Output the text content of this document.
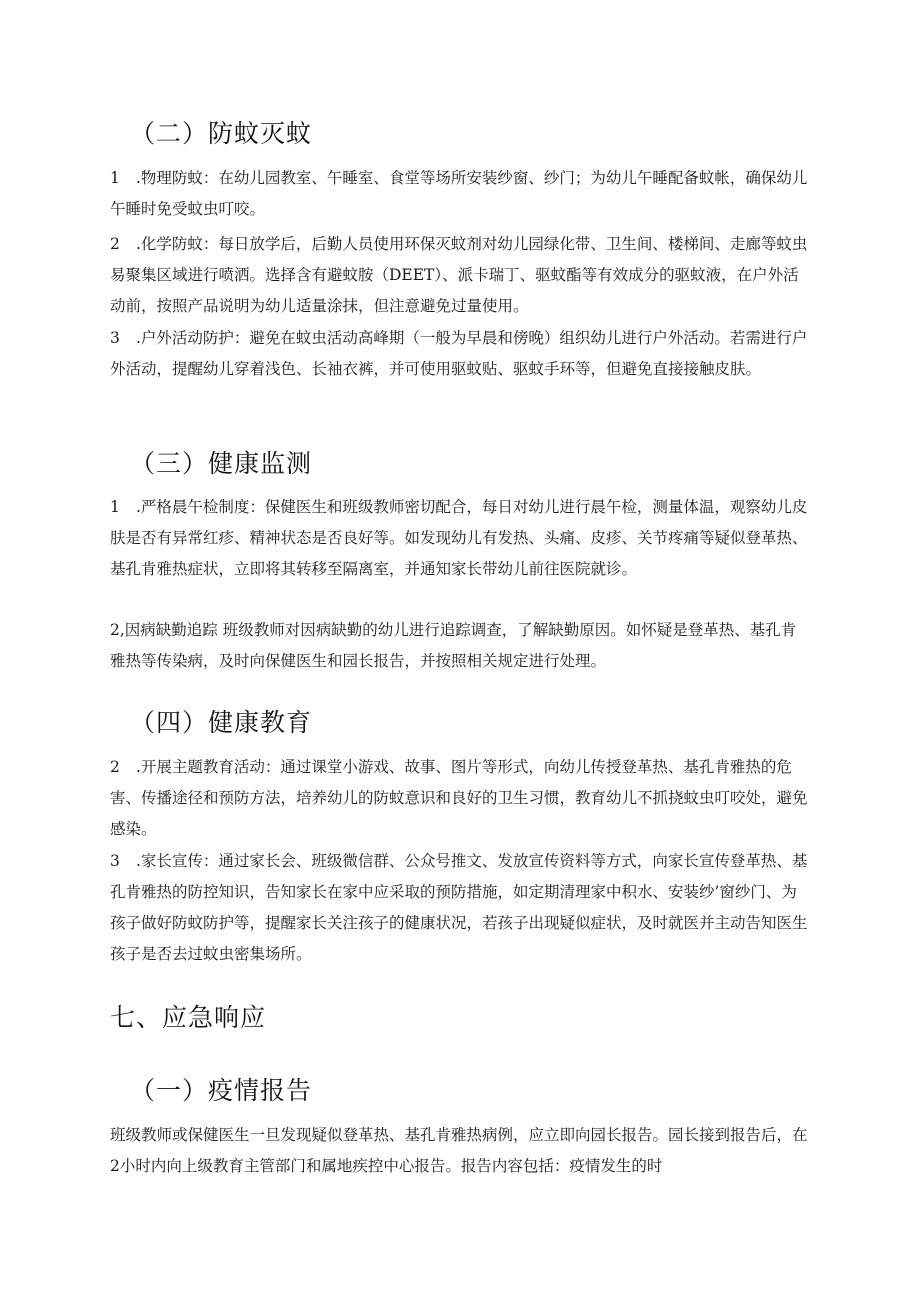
（二）防蚊灭蚊

1 .物理防蚊：在幼儿园教室、午睡室、食堂等场所安装纱窗、纱门；为幼儿午睡配备蚊帐，确保幼儿午睡时免受蚊虫叮咬。

2 .化学防蚊：每日放学后，后勤人员使用环保灭蚊剂对幼儿园绿化带、卫生间、楼梯间、走廊等蚊虫易聚集区域进行喷洒。选择含有避蚊胺（DEET）、派卡瑞丁、驱蚊酯等有效成分的驱蚊液，在户外活动前，按照产品说明为幼儿适量涂抹，但注意避免过量使用。

3 .户外活动防护：避免在蚊虫活动高峰期（一般为早晨和傍晚）组织幼儿进行户外活动。若需进行户外活动，提醒幼儿穿着浅色、长袖衣裤，并可使用驱蚊贴、驱蚊手环等，但避免直接接触皮肤。

（三）健康监测

1 .严格晨午检制度：保健医生和班级教师密切配合，每日对幼儿进行晨午检，测量体温，观察幼儿皮肤是否有异常红疹、精神状态是否良好等。如发现幼儿有发热、头痛、皮疹、关节疼痛等疑似登革热、基孔肯雅热症状，立即将其转移至隔离室，并通知家长带幼儿前往医院就诊。

2,因病缺勤追踪 班级教师对因病缺勤的幼儿进行追踪调查，了解缺勤原因。如怀疑是登革热、基孔肯雅热等传染病，及时向保健医生和园长报告，并按照相关规定进行处理。

（四）健康教育

2 .开展主题教育活动：通过课堂小游戏、故事、图片等形式，向幼儿传授登革热、基孔肯雅热的危害、传播途径和预防方法，培养幼儿的防蚊意识和良好的卫生习惯，教育幼儿不抓挠蚊虫叮咬处，避免感染。

3 .家长宣传：通过家长会、班级微信群、公众号推文、发放宣传资料等方式，向家长宣传登革热、基孔肯雅热的防控知识，告知家长在家中应采取的预防措施，如定期清理家中积水、安装纱’窗纱门、为孩子做好防蚊防护等，提醒家长关注孩子的健康状况，若孩子出现疑似症状，及时就医并主动告知医生孩子是否去过蚊虫密集场所。

七、应急响应
（一）疫情报告

班级教师或保健医生一旦发现疑似登革热、基孔肯雅热病例，应立即向园长报告。园长接到报告后，在2小时内向上级教育主管部门和属地疾控中心报告。报告内容包括：疫情发生的时
